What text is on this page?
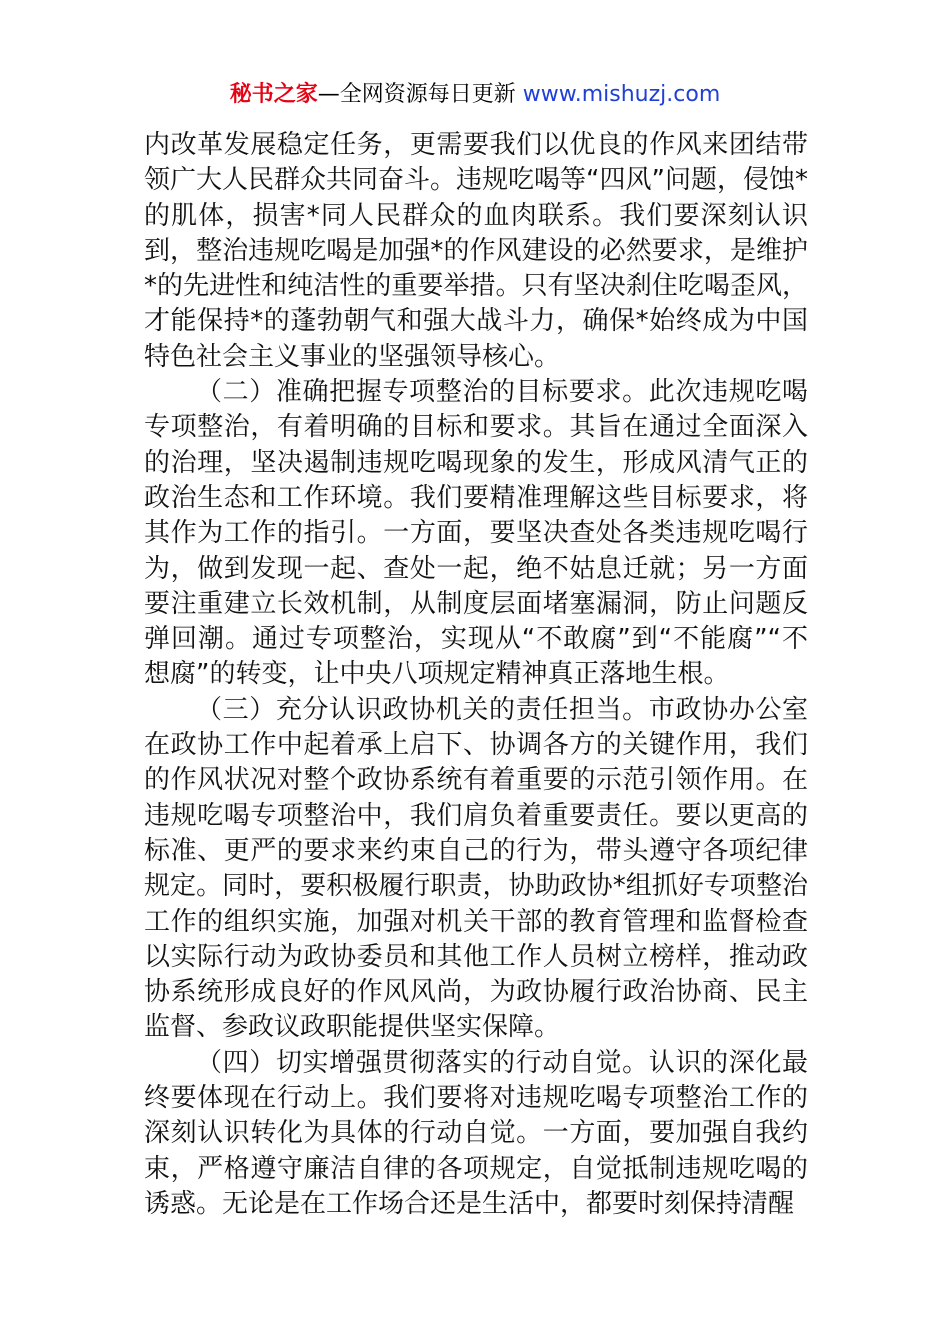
秘书之家—全网资源每日更新 www.mishuzj.com

内改革发展稳定任务，更需要我们以优良的作风来团结带领广大人民群众共同奋斗。违规吃喝等“四风”问题，侵蚀*的肌体，损害*同人民群众的血肉联系。我们要深刻认识到，整治违规吃喝是加强*的作风建设的必然要求，是维护*的先进性和纯洁性的重要举措。只有坚决刹住吃喝歪风，才能保持*的蓬勃朝气和强大战斗力，确保*始终成为中国特色社会主义事业的坚强领导核心。

（二）准确把握专项整治的目标要求。此次违规吃喝专项整治，有着明确的目标和要求。其旨在通过全面深入的治理，坚决遏制违规吃喝现象的发生，形成风清气正的政治生态和工作环境。我们要精准理解这些目标要求，将其作为工作的指引。一方面，要坚决查处各类违规吃喝行为，做到发现一起、查处一起，绝不姑息迁就；另一方面要注重建立长效机制，从制度层面堵塞漏洞，防止问题反弹回潮。通过专项整治，实现从“不敢腐”到“不能腐”“不想腐”的转变，让中央八项规定精神真正落地生根。

（三）充分认识政协机关的责任担当。市政协办公室在政协工作中起着承上启下、协调各方的关键作用，我们的作风状况对整个政协系统有着重要的示范引领作用。在违规吃喝专项整治中，我们肩负着重要责任。要以更高的标准、更严的要求来约束自己的行为，带头遵守各项纪律规定。同时，要积极履行职责，协助政协*组抓好专项整治工作的组织实施，加强对机关干部的教育管理和监督检查以实际行动为政协委员和其他工作人员树立榜样，推动政协系统形成良好的作风风尚，为政协履行政治协商、民主监督、参政议政职能提供坚实保障。

（四）切实增强贯彻落实的行动自觉。认识的深化最终要体现在行动上。我们要将对违规吃喝专项整治工作的深刻认识转化为具体的行动自觉。一方面，要加强自我约束，严格遵守廉洁自律的各项规定，自觉抵制违规吃喝的诱惑。无论是在工作场合还是生活中，都要时刻保持清醒
